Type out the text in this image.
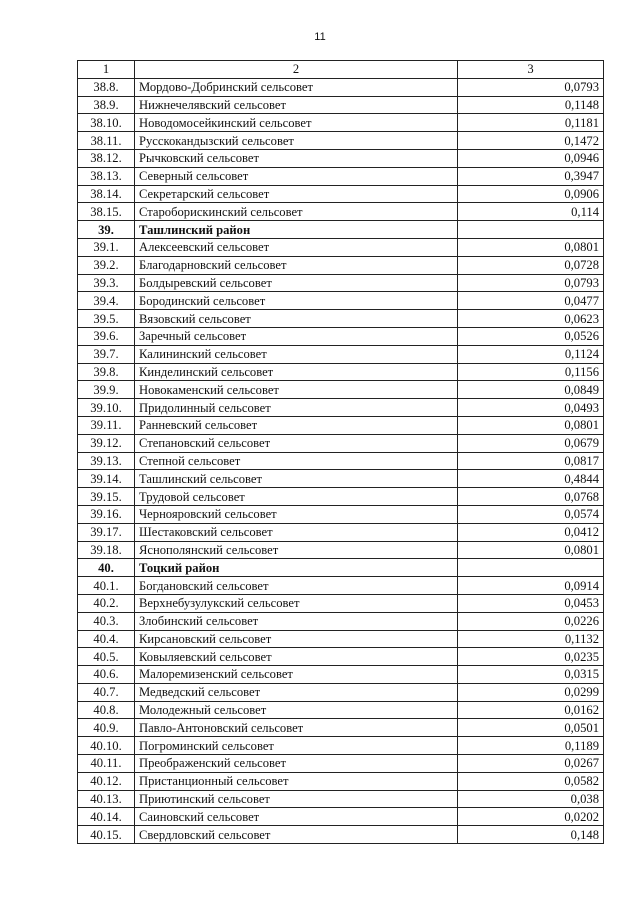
11
1	2	3
38.8.	Мордово-Добринский сельсовет	0,0793
38.9.	Нижнечелявский сельсовет	0,1148
38.10.	Новодомосейкинский сельсовет	0,1181
38.11.	Русскокандызский сельсовет	0,1472
38.12.	Рычковский сельсовет	0,0946
38.13.	Северный сельсовет	0,3947
38.14.	Секретарский сельсовет	0,0906
38.15.	Староборискинский сельсовет	0,114
39.	Ташлинский район	
39.1.	Алексеевский сельсовет	0,0801
39.2.	Благодарновский сельсовет	0,0728
39.3.	Болдыревский сельсовет	0,0793
39.4.	Бородинский сельсовет	0,0477
39.5.	Вязовский сельсовет	0,0623
39.6.	Заречный сельсовет	0,0526
39.7.	Калининский сельсовет	0,1124
39.8.	Кинделинский сельсовет	0,1156
39.9.	Новокаменский сельсовет	0,0849
39.10.	Придолинный сельсовет	0,0493
39.11.	Ранневский сельсовет	0,0801
39.12.	Степановский сельсовет	0,0679
39.13.	Степной сельсовет	0,0817
39.14.	Ташлинский сельсовет	0,4844
39.15.	Трудовой сельсовет	0,0768
39.16.	Чернояровский сельсовет	0,0574
39.17.	Шестаковский сельсовет	0,0412
39.18.	Яснополянский сельсовет	0,0801
40.	Тоцкий район	
40.1.	Богдановский сельсовет	0,0914
40.2.	Верхнебузулукский сельсовет	0,0453
40.3.	Злобинский сельсовет	0,0226
40.4.	Кирсановский сельсовет	0,1132
40.5.	Ковыляевский сельсовет	0,0235
40.6.	Малоремизенский сельсовет	0,0315
40.7.	Медведский сельсовет	0,0299
40.8.	Молодежный сельсовет	0,0162
40.9.	Павло-Антоновский сельсовет	0,0501
40.10.	Погроминский сельсовет	0,1189
40.11.	Преображенский сельсовет	0,0267
40.12.	Пристанционный сельсовет	0,0582
40.13.	Приютинский сельсовет	0,038
40.14.	Саиновский сельсовет	0,0202
40.15.	Свердловский сельсовет	0,148
